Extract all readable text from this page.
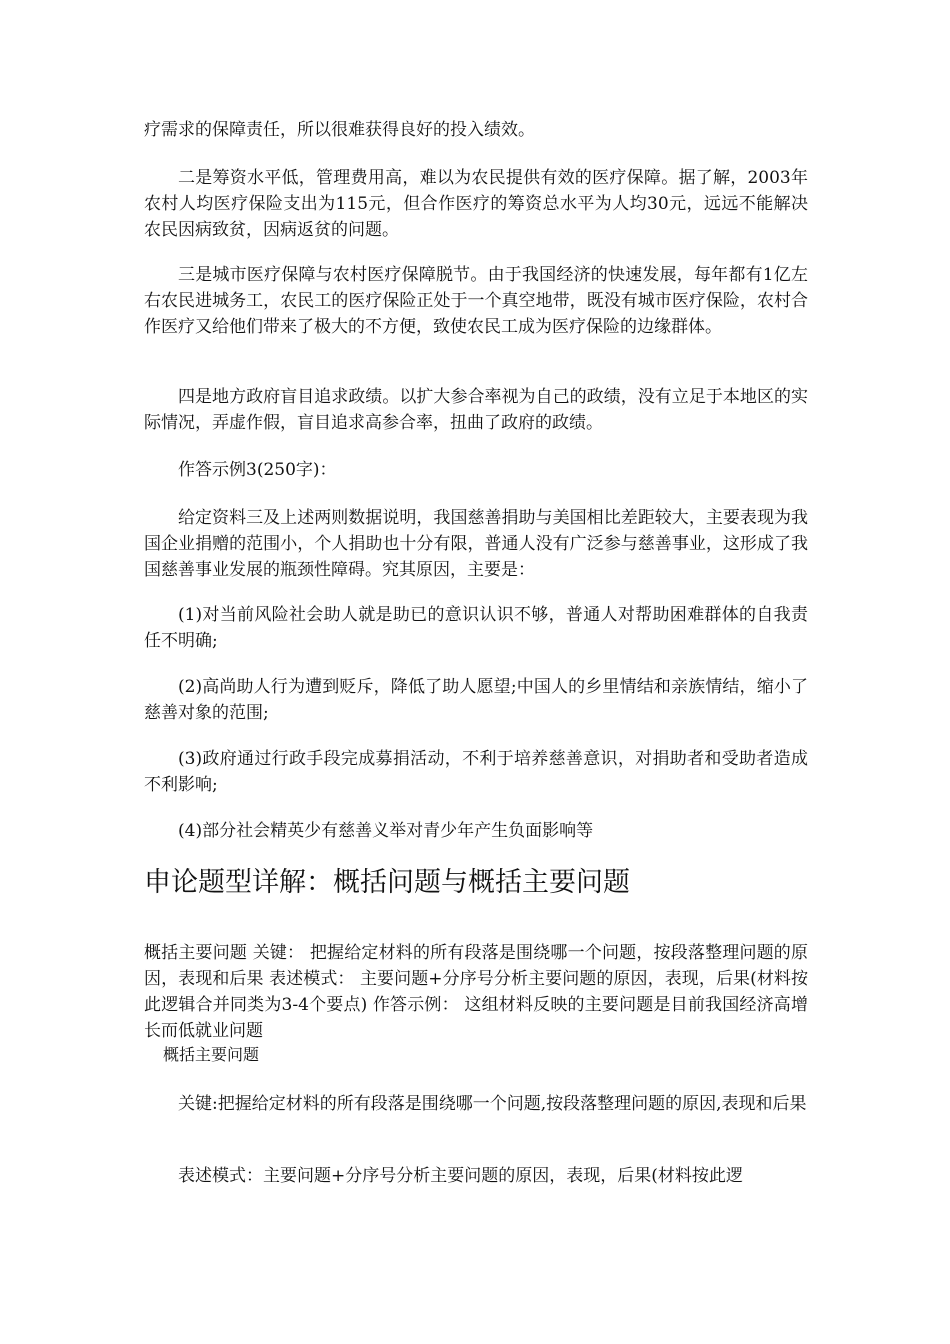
疗需求的保障责任，所以很难获得良好的投入绩效。

二是筹资水平低，管理费用高，难以为农民提供有效的医疗保障。据了解，2003年农村人均医疗保险支出为115元，但合作医疗的筹资总水平为人均30元，远远不能解决农民因病致贫，因病返贫的问题。

三是城市医疗保障与农村医疗保障脱节。由于我国经济的快速发展，每年都有1亿左右农民进城务工，农民工的医疗保险正处于一个真空地带，既没有城市医疗保险，农村合作医疗又给他们带来了极大的不方便，致使农民工成为医疗保险的边缘群体。

四是地方政府盲目追求政绩。以扩大参合率视为自己的政绩，没有立足于本地区的实际情况，弄虚作假，盲目追求高参合率，扭曲了政府的政绩。

作答示例3(250字)：

给定资料三及上述两则数据说明，我国慈善捐助与美国相比差距较大，主要表现为我国企业捐赠的范围小，个人捐助也十分有限，普通人没有广泛参与慈善事业，这形成了我国慈善事业发展的瓶颈性障碍。究其原因，主要是：

(1)对当前风险社会助人就是助已的意识认识不够，普通人对帮助困难群体的自我责任不明确;

(2)高尚助人行为遭到贬斥，降低了助人愿望;中国人的乡里情结和亲族情结，缩小了慈善对象的范围;

(3)政府通过行政手段完成募捐活动，不利于培养慈善意识，对捐助者和受助者造成不利影响;

(4)部分社会精英少有慈善义举对青少年产生负面影响等

申论题型详解：概括问题与概括主要问题

概括主要问题 关键： 把握给定材料的所有段落是围绕哪一个问题，按段落整理问题的原因，表现和后果 表述模式： 主要问题+分序号分析主要问题的原因，表现，后果(材料按此逻辑合并同类为3-4个要点) 作答示例： 这组材料反映的主要问题是目前我国经济高增长而低就业问题

概括主要问题

关键:把握给定材料的所有段落是围绕哪一个问题,按段落整理问题的原因,表现和后果

表述模式：主要问题+分序号分析主要问题的原因，表现，后果(材料按此逻
